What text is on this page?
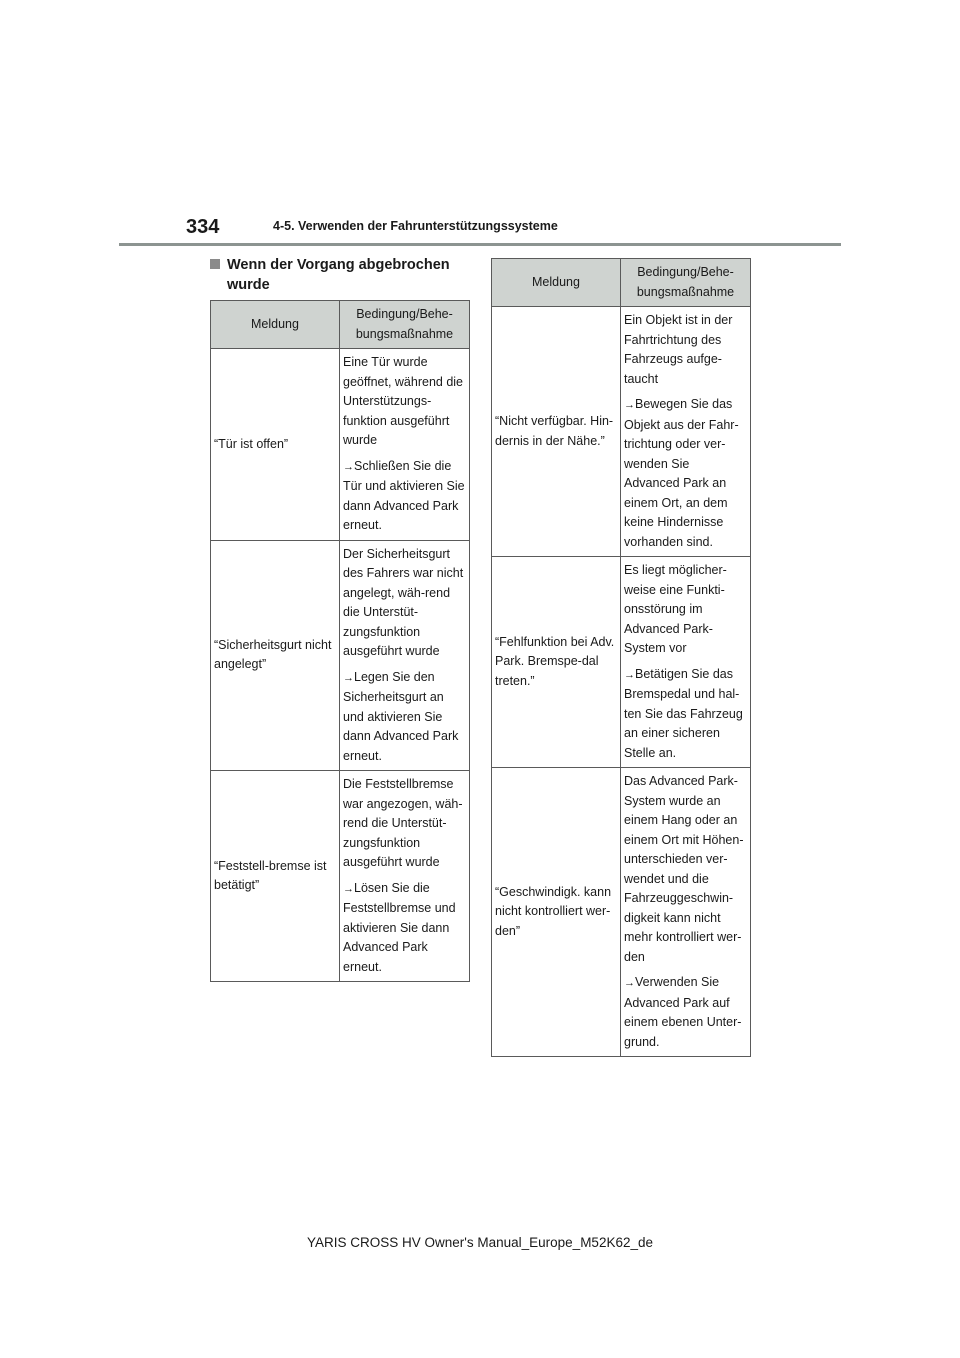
334	4-5. Verwenden der Fahrunterstützungssysteme
Wenn der Vorgang abgebrochen
wurde
Meldung	Bedingung/Behe-
bungsmaßnahme
“Tür ist offen”	Eine Tür wurde geöffnet, während die Unterstützungs-funktion ausgeführt wurde

→Schließen Sie die Tür und aktivieren Sie dann Advanced Park erneut.

“Sicherheitsgurt nicht angelegt”	Der Sicherheitsgurt des Fahrers war nicht angelegt, wäh-rend die Unterstüt-zungsfunktion ausgeführt wurde

→Legen Sie den Sicherheitsgurt an und aktivieren Sie dann Advanced Park erneut.

“Feststell-bremse ist betätigt”	Die Feststellbremse war angezogen, wäh-rend die Unterstüt-zungsfunktion ausgeführt wurde

→Lösen Sie die Feststellbremse und aktivieren Sie dann Advanced Park erneut.

Meldung	Bedingung/Behe-
bungsmaßnahme
“Nicht verfügbar. Hin-dernis in der Nähe.”	Ein Objekt ist in der Fahrtrichtung des Fahrzeugs aufge-taucht

→Bewegen Sie das Objekt aus der Fahr-trichtung oder ver-wenden Sie Advanced Park an einem Ort, an dem keine Hindernisse vorhanden sind.

“Fehlfunktion bei Adv. Park. Bremspe-dal treten.”	Es liegt möglicher-weise eine Funkti-onsstörung im Advanced Park-System vor

→Betätigen Sie das Bremspedal und hal-ten Sie das Fahrzeug an einer sicheren Stelle an.

“Geschwindigk. kann nicht kontrolliert wer-den”	Das Advanced Park-System wurde an einem Hang oder an einem Ort mit Höhen-unterschieden ver-wendet und die Fahrzeuggeschwin-digkeit kann nicht mehr kontrolliert wer-den

→Verwenden Sie Advanced Park auf einem ebenen Unter-grund.

YARIS CROSS HV Owner's Manual_Europe_M52K62_de
